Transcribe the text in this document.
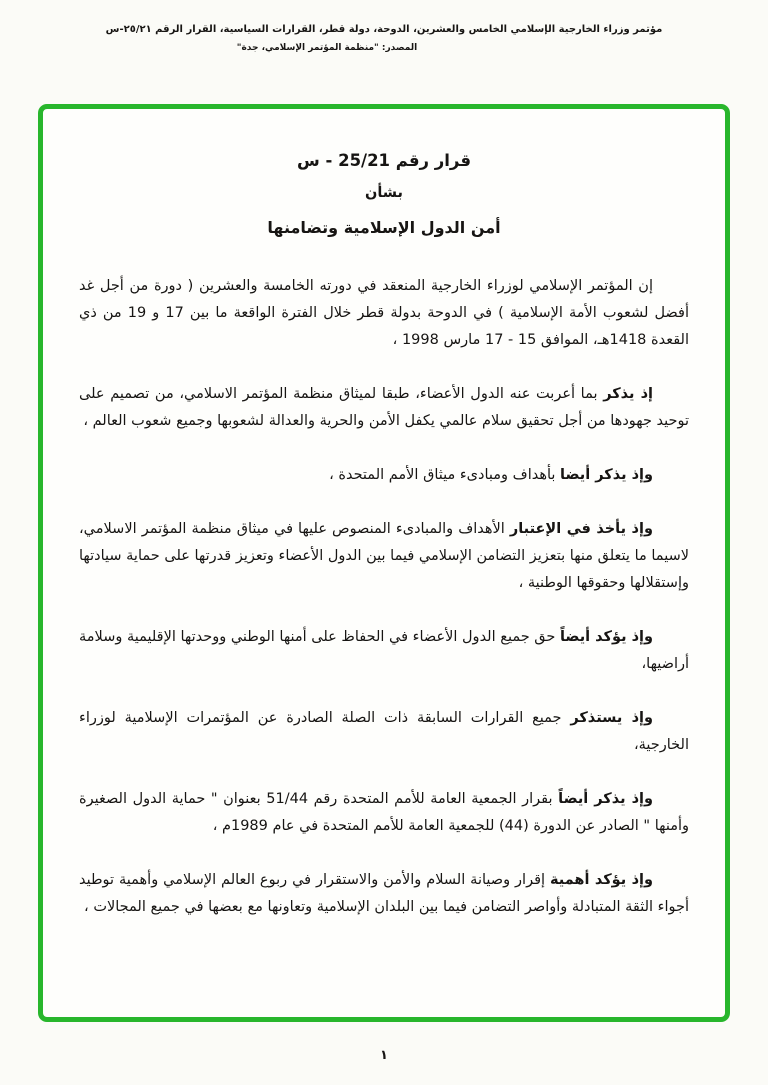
مؤتمر وزراء الخارجية الإسلامي الخامس والعشرين، الدوحة، دولة قطر، القرارات السياسية، القرار الرقم ٢٥/٢١-س
المصدر: "منظمة المؤتمر الإسلامي، جدة"
قرار رقم 25/21 - س
بشأن
أمن الدول الإسلامية وتضامنها

إن المؤتمر الإسلامي لوزراء الخارجية المنعقد في دورته الخامسة والعشرين ( دورة من أجل غد أفضل لشعوب الأمة الإسلامية ) في الدوحة بدولة قطر خلال الفترة الواقعة ما بين 17 و 19 من ذي القعدة 1418هـ، الموافق 15 - 17 مارس 1998 ،

إذ يذكر بما أعربت عنه الدول الأعضاء، طبقا لميثاق منظمة المؤتمر الاسلامي، من تصميم على توحيد جهودها من أجل تحقيق سلام عالمي يكفل الأمن والحرية والعدالة لشعوبها وجميع شعوب العالم ،

وإذ يذكر أيضا بأهداف ومبادىء ميثاق الأمم المتحدة ،

وإذ يأخذ في الإعتبار الأهداف والمبادىء المنصوص عليها في ميثاق منظمة المؤتمر الاسلامي، لاسيما ما يتعلق منها بتعزيز التضامن الإسلامي فيما بين الدول الأعضاء وتعزيز قدرتها على حماية سيادتها وإستقلالها وحقوقها الوطنية ،

وإذ يؤكد أيضاً حق جميع الدول الأعضاء في الحفاظ على أمنها الوطني ووحدتها الإقليمية وسلامة أراضيها،

وإذ يستذكر جميع القرارات السابقة ذات الصلة الصادرة عن المؤتمرات الإسلامية لوزراء الخارجية،

وإذ يذكر أيضاً بقرار الجمعية العامة للأمم المتحدة رقم 51/44 بعنوان " حماية الدول الصغيرة وأمنها " الصادر عن الدورة (44) للجمعية العامة للأمم المتحدة في عام 1989م ،

وإذ يؤكد أهمية إقرار وصيانة السلام والأمن والاستقرار في ربوع العالم الإسلامي وأهمية توطيد أجواء الثقة المتبادلة وأواصر التضامن فيما بين البلدان الإسلامية وتعاونها مع بعضها في جميع المجالات ،

١
